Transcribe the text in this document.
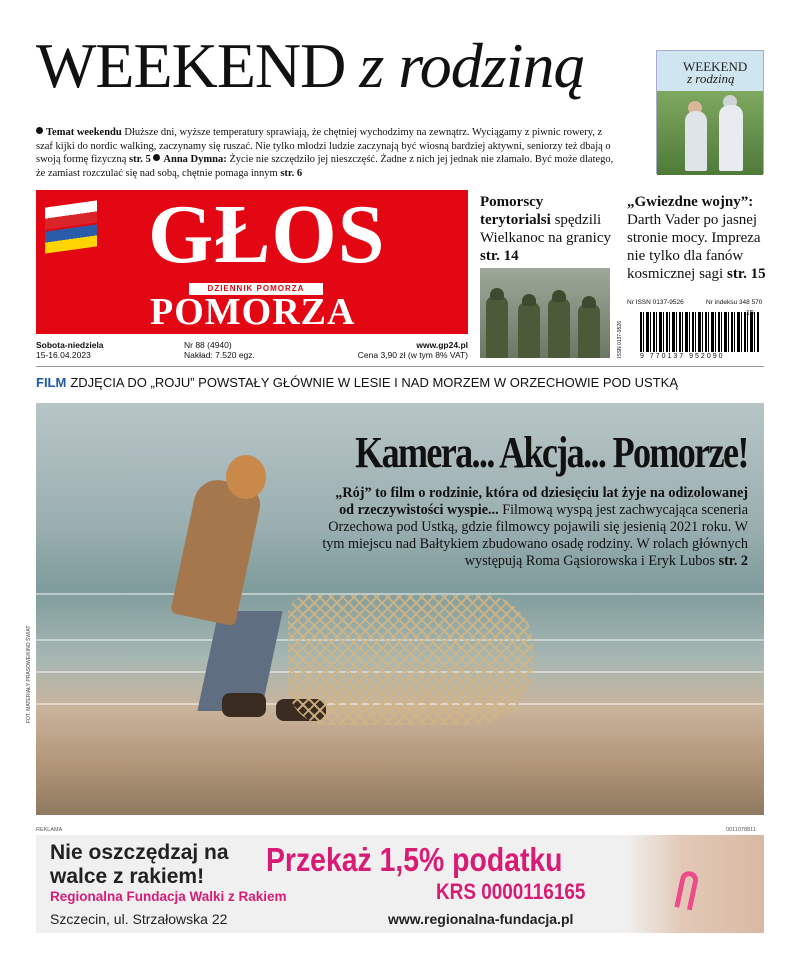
WEEKEND z rodziną
Temat weekendu Dłuższe dni, wyższe temperatury sprawiają, że chętniej wychodzimy na zewnątrz. Wyciągamy z piwnic rowery, z szaf kijki do nordic walking, zaczynamy się ruszać. Nie tylko młodzi ludzie zaczynają być wiosną bardziej aktywni, seniorzy też dbają o swoją formę fizyczną str. 5 Anna Dymna: Życie nie szczędziło jej nieszczęść. Żadne z nich jej jednak nie złamało. Być może dlatego, że zamiast rozczulać się nad sobą, chętnie pomaga innym str. 6
WEEKEND
z rodziną
GŁOS
DZIENNIK POMORZA
POMORZA
Sobota-niedziela
15-16.04.2023
Nr 88 (4940)
Nakład: 7.520 egz.
www.gp24.pl
Cena 3,90 zł (w tym 8% VAT)
Pomorscy terytorialsi spędzili Wielkanoc na granicy str. 14
„Gwiezdne wojny”: Darth Vader po jasnej stronie mocy. Impreza nie tylko dla fanów kosmicznej sagi str. 15
Nr ISSN 0137-9526	Nr indeksu 348 570
ISSN 0137-9526
15
9 770137 952090
FILM ZDJĘCIA DO „ROJU” POWSTAŁY GŁÓWNIE W LESIE I NAD MORZEM W ORZECHOWIE POD USTKĄ
Kamera... Akcja... Pomorze!
„Rój” to film o rodzinie, która od dziesięciu lat żyje na odizolowanej od rzeczywistości wyspie... Filmową wyspą jest zachwycająca sceneria Orzechowa pod Ustką, gdzie filmowcy pojawili się jesienią 2021 roku. W tym miejscu nad Bałtykiem zbudowano osadę rodziny. W rolach głównych występują Roma Gąsiorowska i Eryk Lubos str. 2
FOT. MATERIAŁY PRASOWE/KINO ŚWIAT
REKLAMA	0011078811
Nie oszczędzaj na walce z rakiem!
Regionalna Fundacja Walki z Rakiem
Szczecin, ul. Strzałowska 22
Przekaż 1,5% podatku
KRS 0000116165
www.regionalna-fundacja.pl
